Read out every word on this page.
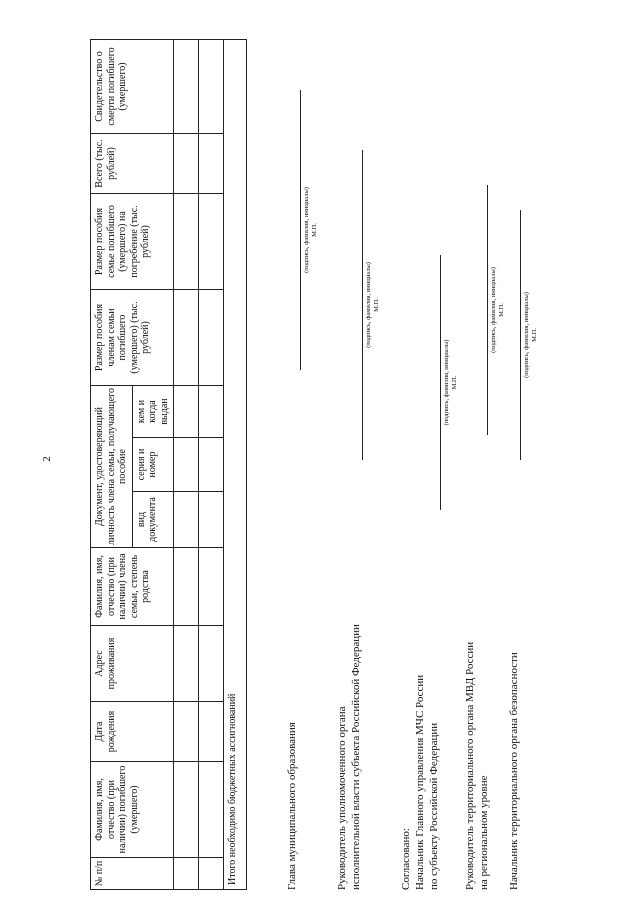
2
№ п/п	Фамилия, имя, отчество (при наличии) погибшего (умершего)	Дата рождения	Адрес проживания	Фамилия, имя, отчество (при наличии) члена семьи, степень родства	Документ, удостоверяющий личность члена семьи, получающего пособие			Размер пособия членам семьи погибшего (умершего) (тыс. рублей)	Размер пособия семье погибшего (умершего) на погребение (тыс. рублей)	Всего (тыс. рублей)	Свидетельство о смерти погибшего (умершего)
					вид документа	серия и номер	кем и когда выдан				

Итого необходимо бюджетных ассигнований												Глава муниципального образования
(подпись, фамилия, инициалы) М.П.
Руководитель уполномоченного органа исполнительной власти субъекта Российской Федерации
(подпись, фамилия, инициалы) М.П.
Согласовано: Начальник Главного управления МЧС России по субъекту Российской Федерации
(подпись, фамилия, инициалы) М.П.
Руководитель территориального органа МВД России на региональном уровне
(подпись, фамилия, инициалы) М.П.
Начальник территориального органа безопасности
(подпись, фамилия, инициалы) М.П.
